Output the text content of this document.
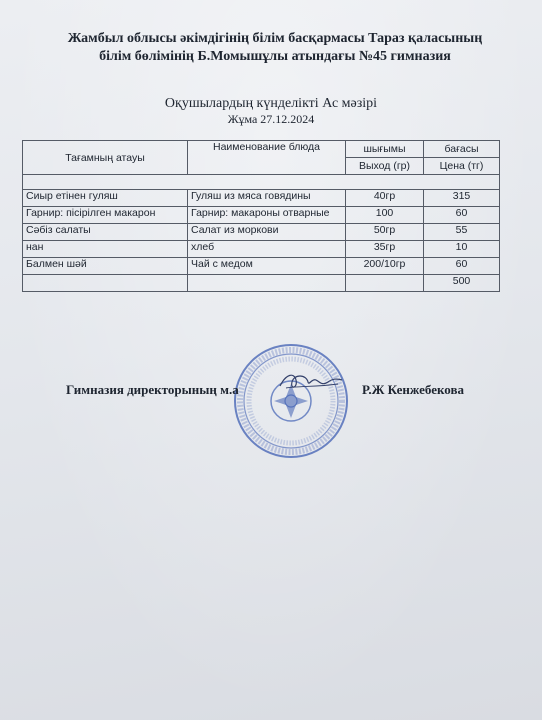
Жамбыл облысы әкімдігінің білім басқармасы Тараз қаласының
білім бөлімінің Б.Момышұлы атындағы №45 гимназия
Оқушылардың күнделікті Ас мәзірі
Жұма 27.12.2024
Тағамның атауы	Наименование блюда	шығымы	бағасы
		Выход (гр)	Цена (тг)

Сиыр етінен гуляш	Гуляш из мяса говядины	40гр	315
Гарнир: пісірілген макарон	Гарнир: макароны отварные	100	60
Сәбіз салаты	Салат из моркови	50гр	55
нан	хлеб	35гр	10
Балмен шәй	Чай с медом	200/10гр	60
			500
Гимназия директорының м.а	Р.Ж Кенжебекова
